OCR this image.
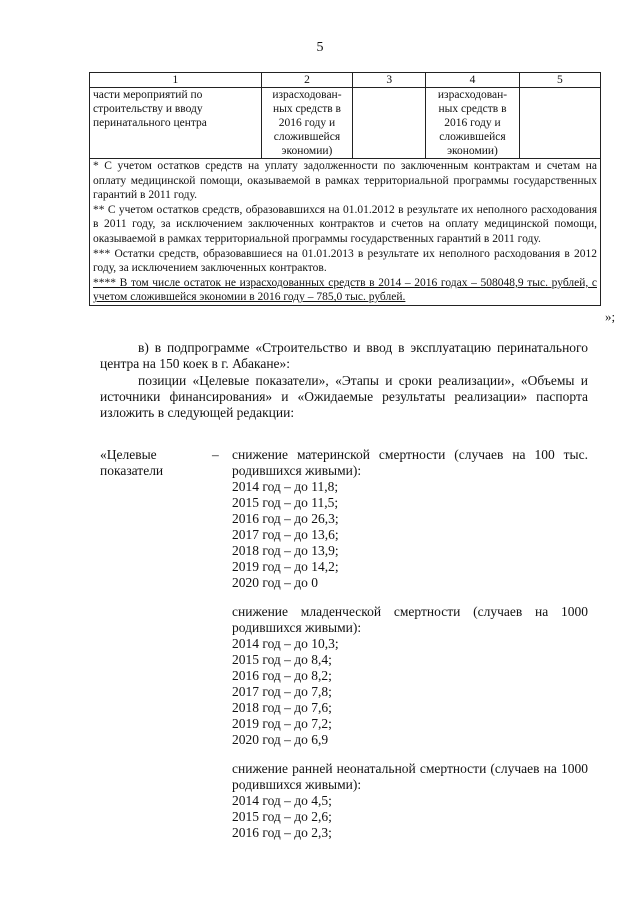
5
1	2	3	4	5
части мероприятий по строительству и вводу перинатального центра	израсходован-ных средств в 2016 году и сложившейся экономии)		израсходован-ных средств в 2016 году и сложившейся экономии)	

* С учетом остатков средств на уплату задолженности по заключенным контрактам и счетам на оплату медицинской помощи, оказываемой в рамках территориальной программы государственных гарантий в 2011 году.
** С учетом остатков средств, образовавшихся на 01.01.2012 в результате их неполного расходования в 2011 году, за исключением заключенных контрактов и счетов на оплату медицинской помощи, оказываемой в рамках территориальной программы государственных гарантий в 2011 году.
*** Остатки средств, образовавшиеся на 01.01.2013 в результате их неполного расходования в 2012 году, за исключением заключенных контрактов.
**** В том числе остаток не израсходованных средств в 2014 – 2016 годах – 508048,9 тыс. рублей, с учетом сложившейся экономии в 2016 году – 785,0 тыс. рублей.				
»;
в) в подпрограмме «Строительство и ввод в эксплуатацию перинатального центра на 150 коек в г. Абакане»:
позиции «Целевые показатели», «Этапы и сроки реализации», «Объемы и источники финансирования» и «Ожидаемые результаты реализации» паспорта изложить в следующей редакции:
«Целевые показатели
– снижение материнской смертности (случаев на 100 тыс. родившихся живыми):
2014 год – до 11,8;
2015 год – до 11,5;
2016 год – до 26,3;
2017 год – до 13,6;
2018 год – до 13,9;
2019 год – до 14,2;
2020 год – до 0
снижение младенческой смертности (случаев на 1000 родившихся живыми):
2014 год – до 10,3;
2015 год – до 8,4;
2016 год – до 8,2;
2017 год – до 7,8;
2018 год – до 7,6;
2019 год – до 7,2;
2020 год – до 6,9
снижение ранней неонатальной смертности (случаев на 1000 родившихся живыми):
2014 год – до 4,5;
2015 год – до 2,6;
2016 год – до 2,3;
